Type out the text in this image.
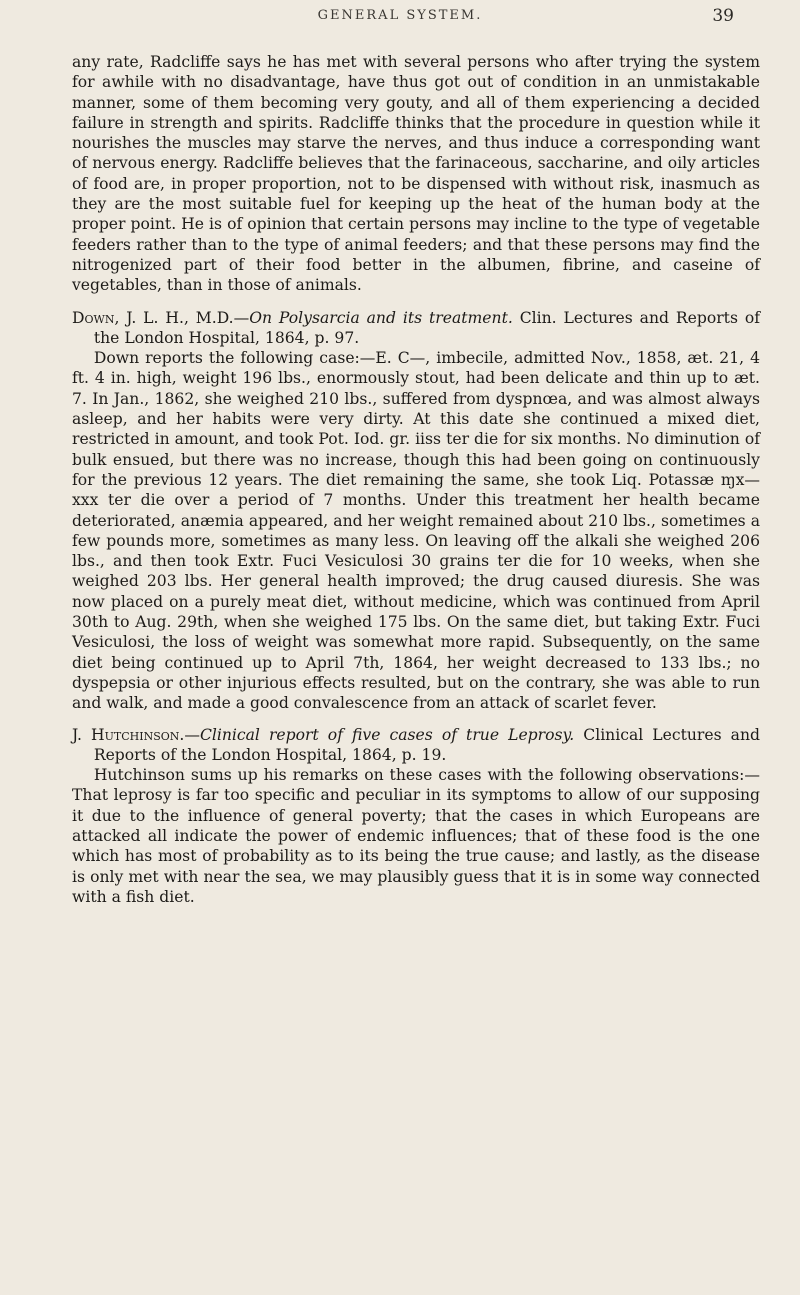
GENERAL SYSTEM.	39

any rate, Radcliffe says he has met with several persons who after trying the system for awhile with no disadvantage, have thus got out of condition in an unmistakable manner, some of them becoming very gouty, and all of them experiencing a decided failure in strength and spirits. Radcliffe thinks that the procedure in question while it nourishes the muscles may starve the nerves, and thus induce a corresponding want of nervous energy. Radcliffe believes that the farinaceous, saccharine, and oily articles of food are, in proper proportion, not to be dispensed with without risk, inasmuch as they are the most suitable fuel for keeping up the heat of the human body at the proper point. He is of opinion that certain persons may incline to the type of vegetable feeders rather than to the type of animal feeders; and that these persons may find the nitrogenized part of their food better in the albumen, fibrine, and caseine of vegetables, than in those of animals.

Down, J. L. H., M.D.—On Polysarcia and its treatment. Clin. Lectures and Reports of the London Hospital, 1864, p. 97.

Down reports the following case:—E. C—, imbecile, admitted Nov., 1858, æt. 21, 4 ft. 4 in. high, weight 196 lbs., enormously stout, had been delicate and thin up to æt. 7. In Jan., 1862, she weighed 210 lbs., suffered from dyspnœa, and was almost always asleep, and her habits were very dirty. At this date she continued a mixed diet, restricted in amount, and took Pot. Iod. gr. iiss ter die for six months. No diminution of bulk ensued, but there was no increase, though this had been going on continuously for the previous 12 years. The diet remaining the same, she took Liq. Potassæ ɱx—xxx ter die over a period of 7 months. Under this treatment her health became deteriorated, anæmia appeared, and her weight remained about 210 lbs., sometimes a few pounds more, sometimes as many less. On leaving off the alkali she weighed 206 lbs., and then took Extr. Fuci Vesiculosi 30 grains ter die for 10 weeks, when she weighed 203 lbs. Her general health improved; the drug caused diuresis. She was now placed on a purely meat diet, without medicine, which was continued from April 30th to Aug. 29th, when she weighed 175 lbs. On the same diet, but taking Extr. Fuci Vesiculosi, the loss of weight was somewhat more rapid. Subsequently, on the same diet being continued up to April 7th, 1864, her weight decreased to 133 lbs.; no dyspepsia or other injurious effects resulted, but on the contrary, she was able to run and walk, and made a good convalescence from an attack of scarlet fever.

J. Hutchinson.—Clinical report of five cases of true Leprosy. Clinical Lectures and Reports of the London Hospital, 1864, p. 19.

Hutchinson sums up his remarks on these cases with the following observations:—That leprosy is far too specific and peculiar in its symptoms to allow of our supposing it due to the influence of general poverty; that the cases in which Europeans are attacked all indicate the power of endemic influences; that of these food is the one which has most of probability as to its being the true cause; and lastly, as the disease is only met with near the sea, we may plausibly guess that it is in some way connected with a fish diet.
